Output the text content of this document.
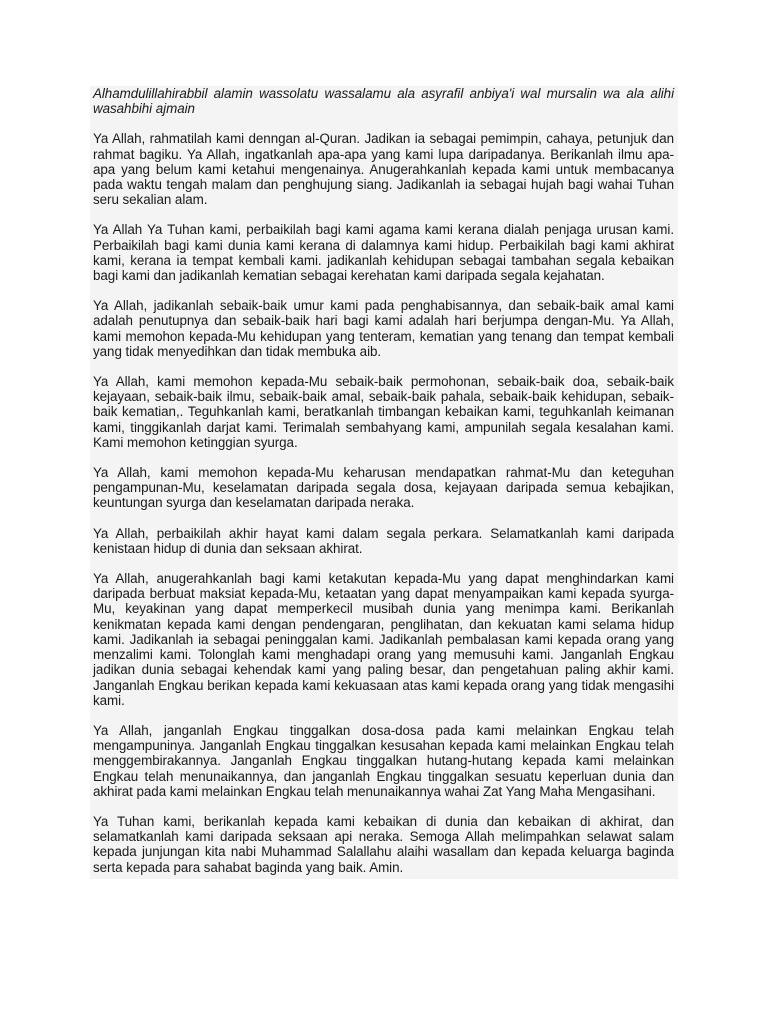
Alhamdulillahirabbil alamin wassolatu wassalamu ala asyrafil anbiya'i wal mursalin wa ala alihi wasahbihi ajmain

Ya Allah, rahmatilah kami denngan al-Quran. Jadikan ia sebagai pemimpin, cahaya, petunjuk dan rahmat bagiku. Ya Allah, ingatkanlah apa-apa yang kami lupa daripadanya. Berikanlah ilmu apa-apa yang belum kami ketahui mengenainya. Anugerahkanlah kepada kami untuk membacanya pada waktu tengah malam dan penghujung siang. Jadikanlah ia sebagai hujah bagi wahai Tuhan seru sekalian alam.

Ya Allah Ya Tuhan kami, perbaikilah bagi kami agama kami kerana dialah penjaga urusan kami. Perbaikilah bagi kami dunia kami kerana di dalamnya kami hidup. Perbaikilah bagi kami akhirat kami, kerana ia tempat kembali kami. jadikanlah kehidupan sebagai tambahan segala kebaikan bagi kami dan jadikanlah kematian sebagai kerehatan kami daripada segala kejahatan.

Ya Allah, jadikanlah sebaik-baik umur kami pada penghabisannya, dan sebaik-baik amal kami adalah penutupnya dan sebaik-baik hari bagi kami adalah hari berjumpa dengan-Mu. Ya Allah, kami memohon kepada-Mu kehidupan yang tenteram, kematian yang tenang dan tempat kembali yang tidak menyedihkan dan tidak membuka aib.

Ya Allah, kami memohon kepada-Mu sebaik-baik permohonan, sebaik-baik doa, sebaik-baik kejayaan, sebaik-baik ilmu, sebaik-baik amal, sebaik-baik pahala, sebaik-baik kehidupan, sebaik-baik kematian,. Teguhkanlah kami, beratkanlah timbangan kebaikan kami, teguhkanlah keimanan kami, tinggikanlah darjat kami. Terimalah sembahyang kami, ampunilah segala kesalahan kami. Kami memohon ketinggian syurga.

Ya Allah, kami memohon kepada-Mu keharusan mendapatkan rahmat-Mu dan keteguhan pengampunan-Mu, keselamatan daripada segala dosa, kejayaan daripada semua kebajikan, keuntungan syurga dan keselamatan daripada neraka.

Ya Allah, perbaikilah akhir hayat kami dalam segala perkara. Selamatkanlah kami daripada kenistaan hidup di dunia dan seksaan akhirat.

Ya Allah, anugerahkanlah bagi kami ketakutan kepada-Mu yang dapat menghindarkan kami daripada berbuat maksiat kepada-Mu, ketaatan yang dapat menyampaikan kami kepada syurga-Mu, keyakinan yang dapat memperkecil musibah dunia yang menimpa kami. Berikanlah kenikmatan kepada kami dengan pendengaran, penglihatan, dan kekuatan kami selama hidup kami. Jadikanlah ia sebagai peninggalan kami. Jadikanlah pembalasan kami kepada orang yang menzalimi kami. Tolonglah kami menghadapi orang yang memusuhi kami. Janganlah Engkau jadikan dunia sebagai kehendak kami yang paling besar, dan pengetahuan paling akhir kami. Janganlah Engkau berikan kepada kami kekuasaan atas kami kepada orang yang tidak mengasihi kami.

Ya Allah, janganlah Engkau tinggalkan dosa-dosa pada kami melainkan Engkau telah mengampuninya. Janganlah Engkau tinggalkan kesusahan kepada kami melainkan Engkau telah menggembirakannya. Janganlah Engkau tinggalkan hutang-hutang kepada kami melainkan Engkau telah menunaikannya, dan janganlah Engkau tinggalkan sesuatu keperluan dunia dan akhirat pada kami melainkan Engkau telah menunaikannya wahai Zat Yang Maha Mengasihani.

Ya Tuhan kami, berikanlah kepada kami kebaikan di dunia dan kebaikan di akhirat, dan selamatkanlah kami daripada seksaan api neraka. Semoga Allah melimpahkan selawat salam kepada junjungan kita nabi Muhammad Salallahu alaihi wasallam dan kepada keluarga baginda serta kepada para sahabat baginda yang baik. Amin.
